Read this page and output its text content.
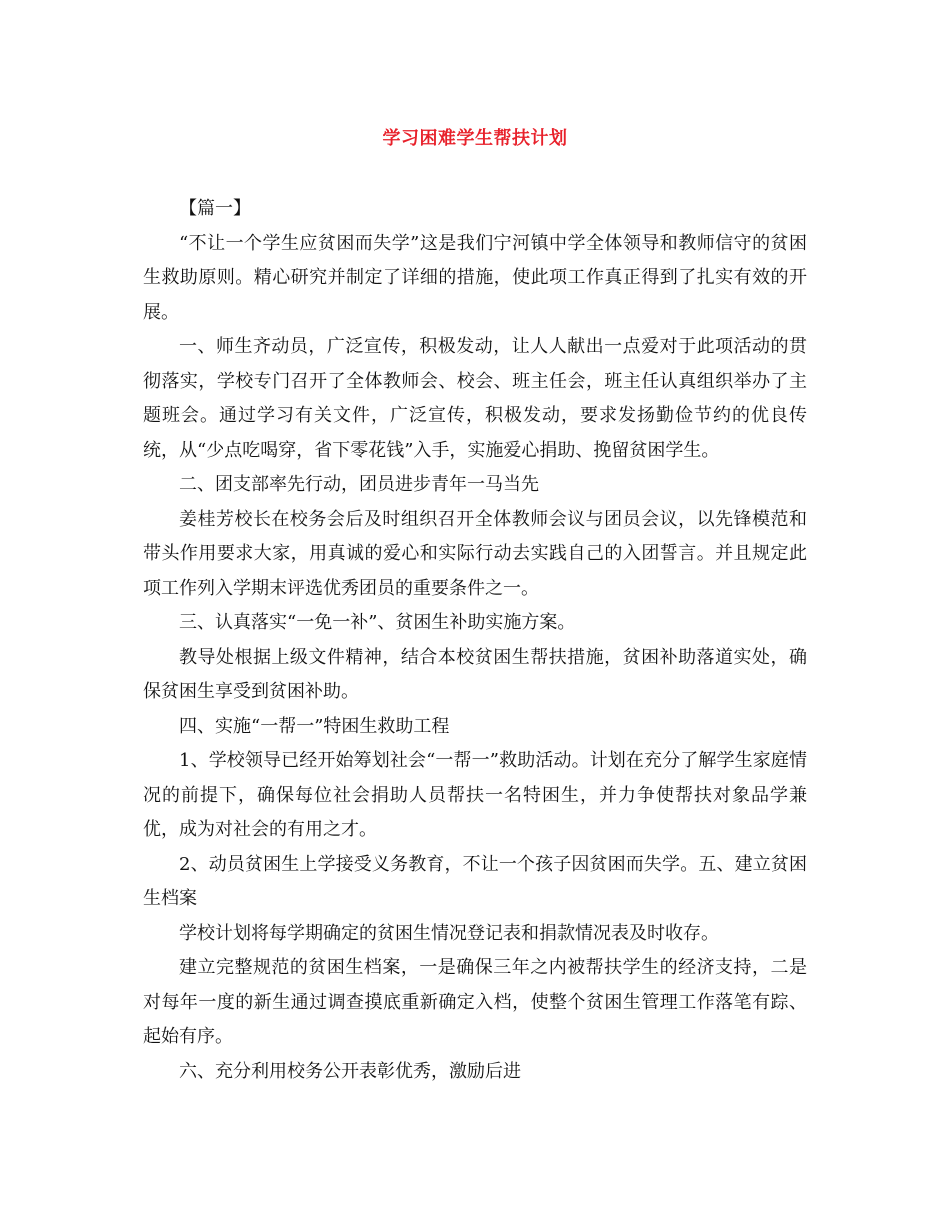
学习困难学生帮扶计划

【篇一】

“不让一个学生应贫困而失学”这是我们宁河镇中学全体领导和教师信守的贫困生救助原则。精心研究并制定了详细的措施，使此项工作真正得到了扎实有效的开展。

一、师生齐动员，广泛宣传，积极发动，让人人献出一点爱对于此项活动的贯彻落实，学校专门召开了全体教师会、校会、班主任会，班主任认真组织举办了主题班会。通过学习有关文件，广泛宣传，积极发动，要求发扬勤俭节约的优良传统，从“少点吃喝穿，省下零花钱”入手，实施爱心捐助、挽留贫困学生。

二、团支部率先行动，团员进步青年一马当先

姜桂芳校长在校务会后及时组织召开全体教师会议与团员会议，以先锋模范和带头作用要求大家，用真诚的爱心和实际行动去实践自己的入团誓言。并且规定此项工作列入学期末评选优秀团员的重要条件之一。

三、认真落实“一免一补”、贫困生补助实施方案。

教导处根据上级文件精神，结合本校贫困生帮扶措施，贫困补助落道实处，确保贫困生享受到贫困补助。

四、实施“一帮一”特困生救助工程

1、学校领导已经开始筹划社会“一帮一”救助活动。计划在充分了解学生家庭情况的前提下，确保每位社会捐助人员帮扶一名特困生，并力争使帮扶对象品学兼优，成为对社会的有用之才。

2、动员贫困生上学接受义务教育，不让一个孩子因贫困而失学。五、建立贫困生档案

学校计划将每学期确定的贫困生情况登记表和捐款情况表及时收存。

建立完整规范的贫困生档案，一是确保三年之内被帮扶学生的经济支持，二是对每年一度的新生通过调查摸底重新确定入档，使整个贫困生管理工作落笔有踪、起始有序。

六、充分利用校务公开表彰优秀，激励后进
